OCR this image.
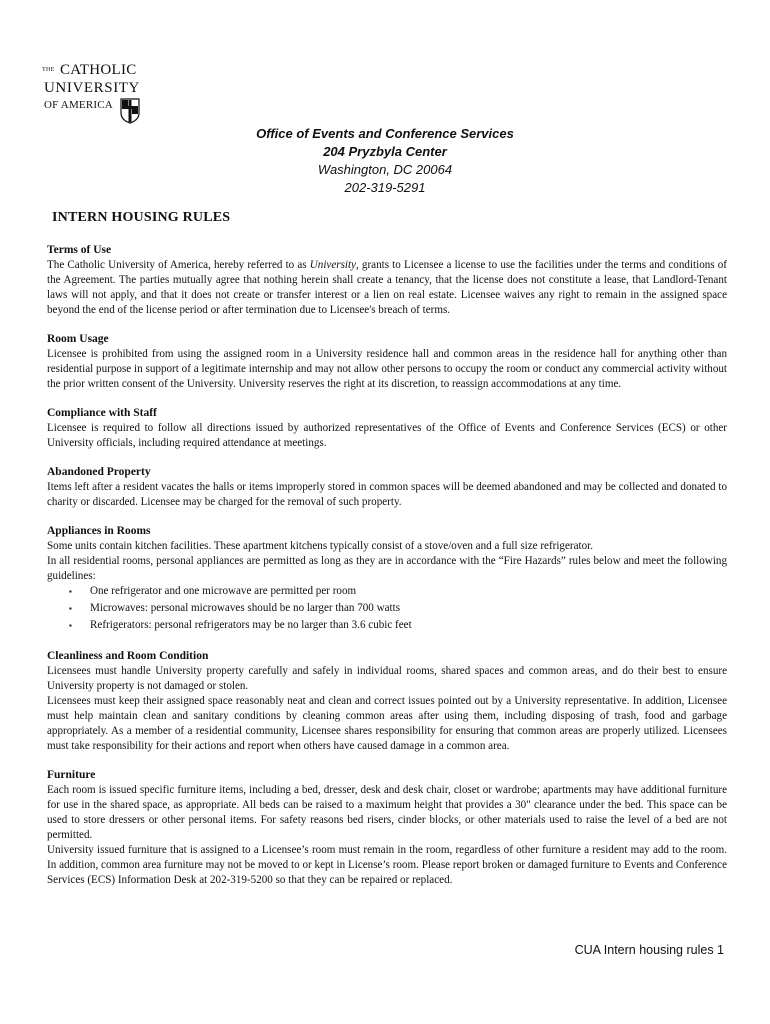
THE CATHOLIC
UNIVERSITY
OF AMERICA
Office of Events and Conference Services
204 Pryzbyla Center
Washington, DC 20064
202-319-5291
INTERN HOUSING RULES
Terms of Use

The Catholic University of America, hereby referred to as University, grants to Licensee a license to use the facilities under the terms and conditions of the Agreement. The parties mutually agree that nothing herein shall create a tenancy, that the license does not constitute a lease, that Landlord-Tenant laws will not apply, and that it does not create or transfer interest or a lien on real estate. Licensee waives any right to remain in the assigned space beyond the end of the license period or after termination due to Licensee's breach of terms.

Room Usage

Licensee is prohibited from using the assigned room in a University residence hall and common areas in the residence hall for anything other than residential purpose in support of a legitimate internship and may not allow other persons to occupy the room or conduct any commercial activity without the prior written consent of the University. University reserves the right at its discretion, to reassign accommodations at any time.

Compliance with Staff

Licensee is required to follow all directions issued by authorized representatives of the Office of Events and Conference Services (ECS) or other University officials, including required attendance at meetings.

Abandoned Property

Items left after a resident vacates the halls or items improperly stored in common spaces will be deemed abandoned and may be collected and donated to charity or discarded. Licensee may be charged for the removal of such property.

Appliances in Rooms

Some units contain kitchen facilities. These apartment kitchens typically consist of a stove/oven and a full size refrigerator.

In all residential rooms, personal appliances are permitted as long as they are in accordance with the “Fire Hazards” rules below and meet the following guidelines:

▪ One refrigerator and one microwave are permitted per room
▪ Microwaves: personal microwaves should be no larger than 700 watts
▪ Refrigerators: personal refrigerators may be no larger than 3.6 cubic feet
Cleanliness and Room Condition

Licensees must handle University property carefully and safely in individual rooms, shared spaces and common areas, and do their best to ensure University property is not damaged or stolen.

Licensees must keep their assigned space reasonably neat and clean and correct issues pointed out by a University representative. In addition, Licensee must help maintain clean and sanitary conditions by cleaning common areas after using them, including disposing of trash, food and garbage appropriately. As a member of a residential community, Licensee shares responsibility for ensuring that common areas are properly utilized. Licensees must take responsibility for their actions and report when others have caused damage in a common area.

Furniture

Each room is issued specific furniture items, including a bed, dresser, desk and desk chair, closet or wardrobe; apartments may have additional furniture for use in the shared space, as appropriate. All beds can be raised to a maximum height that provides a 30" clearance under the bed. This space can be used to store dressers or other personal items. For safety reasons bed risers, cinder blocks, or other materials used to raise the level of a bed are not permitted.

University issued furniture that is assigned to a Licensee’s room must remain in the room, regardless of other furniture a resident may add to the room. In addition, common area furniture may not be moved to or kept in License’s room. Please report broken or damaged furniture to Events and Conference Services (ECS) Information Desk at 202-319-5200 so that they can be repaired or replaced.

CUA Intern housing rules 1
